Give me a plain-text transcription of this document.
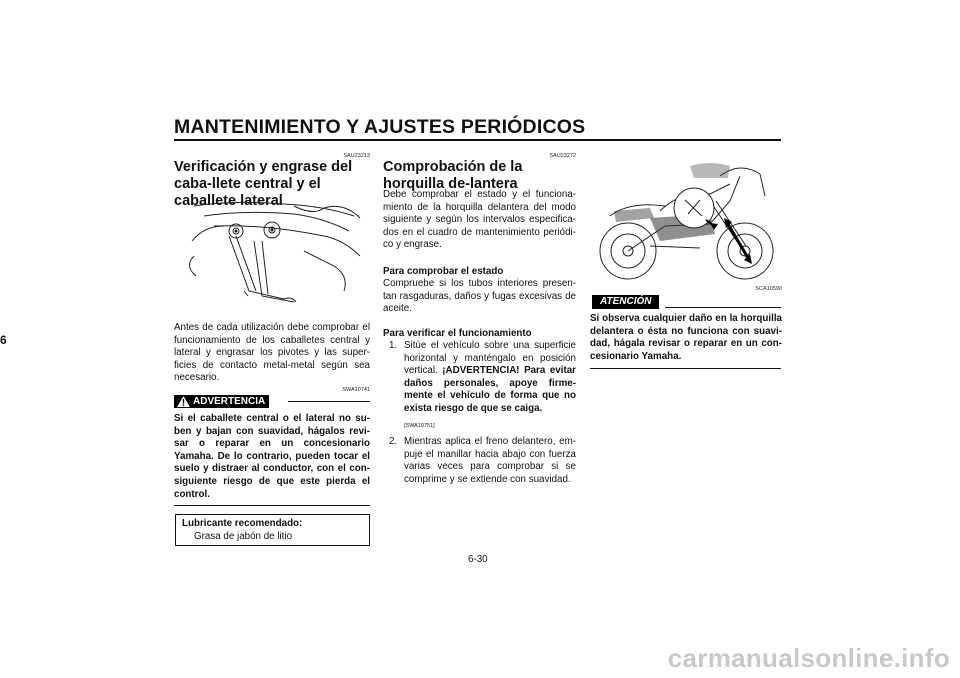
MANTENIMIENTO Y AJUSTES PERIÓDICOS
6
SAU23213
Verificación y engrase del caba-llete central y el caballete lateral
Antes de cada utilización debe comprobar el funcionamiento de los caballetes central y lateral y engrasar los pivotes y las super-ficies de contacto metal-metal según sea necesario.
SWA10741
ADVERTENCIA
Si el caballete central o el lateral no su-ben y bajan con suavidad, hágalos revi-sar o reparar en un concesionario Yamaha. De lo contrario, pueden tocar el suelo y distraer al conductor, con el con-siguiente riesgo de que este pierda el control.
Lubricante recomendado:
Grasa de jabón de litio
SAU23272
Comprobación de la horquilla de-lantera
Debe comprobar el estado y el funciona-miento de la horquilla delantera del modo siguiente y según los intervalos especifica-dos en el cuadro de mantenimiento periódi-co y engrase.
Para comprobar el estado
Compruebe si los tubos interiores presen-tan rasgaduras, daños y fugas excesivas de aceite.
Para verificar el funcionamiento
1. Sitúe el vehículo sobre una superficie horizontal y manténgalo en posición vertical. ¡ADVERTENCIA! Para evitar daños personales, apoye firme-mente el vehículo de forma que no exista riesgo de que se caiga.
[SWA10751]
2. Mientras aplica el freno delantero, em-puje el manillar hacia abajo con fuerza varias veces para comprobar si se comprime y se extiende con suavidad.
SCA10590
ATENCIÓN
Si observa cualquier daño en la horquilla delantera o ésta no funciona con suavi-dad, hágala revisar o reparar en un con-cesionario Yamaha.
6-30
carmanualsonline.info
